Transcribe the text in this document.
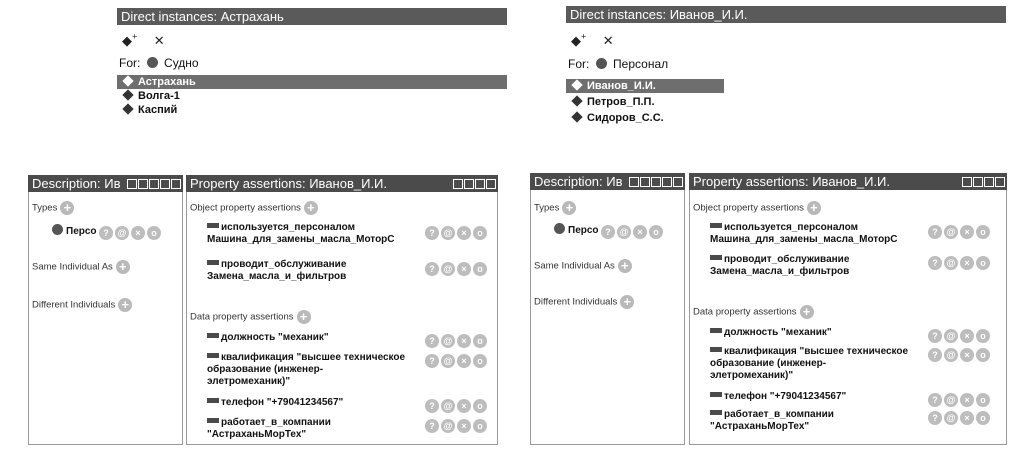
Direct instances: Астрахань
◆+ ✕
For: Судно
Астрахань
Волга-1
Каспий
Direct instances: Иванов_И.И.
◆+ ✕
For: Персонал
Иванов_И.И.
Петров_П.П.
Сидоров_С.С.
Description: Ив
Types +
Персо ? @ × o
Same Individual As +
Different Individuals +
Property assertions: Иванов_И.И.
Object property assertions +
используется_персоналом
Машина_для_замены_масла_МоторС
? @ × o
проводит_обслуживание
Замена_масла_и_фильтров
? @ × o
Data property assertions +
должность "механик"	? @ × o
квалификация "высшее техническое
образование (инженер-
элетромеханик)"
? @ × o
телефон "+79041234567"	? @ × o
работает_в_компании
"АстраханьМорТех"
? @ × o
Description: Ив
Types +
Персо ? @ × o
Same Individual As +
Different Individuals +
Property assertions: Иванов_И.И.
Object property assertions +
используется_персоналом
Машина_для_замены_масла_МоторС
? @ × o
проводит_обслуживание
Замена_масла_и_фильтров
? @ × o
Data property assertions +
должность "механик"	? @ × o
квалификация "высшее техническое
образование (инженер-
элетромеханик)"
? @ × o
телефон "+79041234567"	? @ × o
работает_в_компании
"АстраханьМорТех"
? @ × o
